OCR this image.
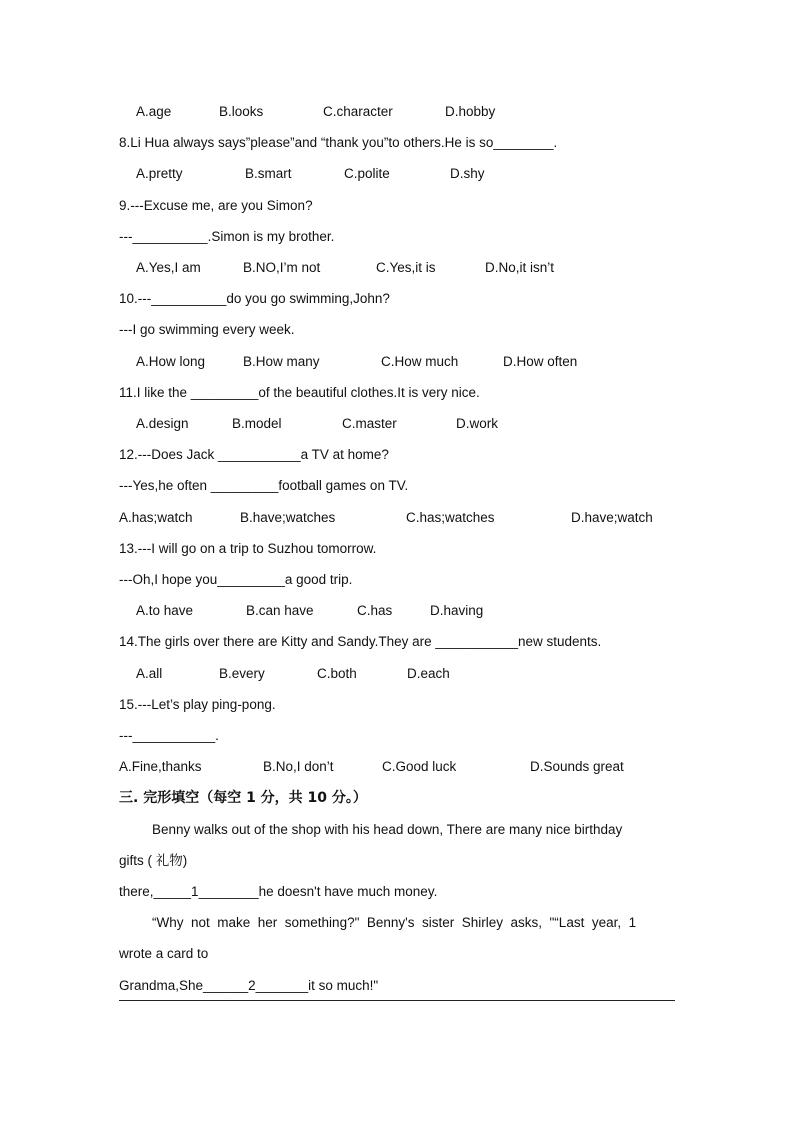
A.age	B.looks	C.character	D.hobby
8.Li Hua always says”please”and “thank you”to others.He is so________.
A.pretty	B.smart	C.polite	D.shy
9.---Excuse me, are you Simon?
---__________.Simon is my brother.
A.Yes,I am	B.NO,I’m not	C.Yes,it is	D.No,it isn’t
10.---__________do you go swimming,John?
---I go swimming every week.
A.How long	B.How many	C.How much	D.How often
11.I like the _________of the beautiful clothes.It is very nice.
A.design	B.model	C.master	D.work
12.---Does Jack ___________a TV at home?
---Yes,he often _________football games on TV.
A.has;watch	B.have;watches	C.has;watches	D.have;watch
13.---I will go on a trip to Suzhou tomorrow.
---Oh,I hope you_________a good trip.
A.to have	B.can have	C.has	D.having
14.The girls over there are Kitty and Sandy.They are ___________new students.
A.all	B.every	C.both	D.each
15.---Let’s play ping-pong.
---___________.
A.Fine,thanks	B.No,I don’t	C.Good luck	D.Sounds great
三. 完形填空（每空 1 分，共 10 分。）
Benny walks out of the shop with his head down, There are many nice birthday
gifts ( 礼物)
there,_____1________he doesn't have much money.
“Why  not  make  her  something?"  Benny's  sister  Shirley  asks,  "“Last  year,  1
wrote a card to
Grandma,She______2_______it so much!"
